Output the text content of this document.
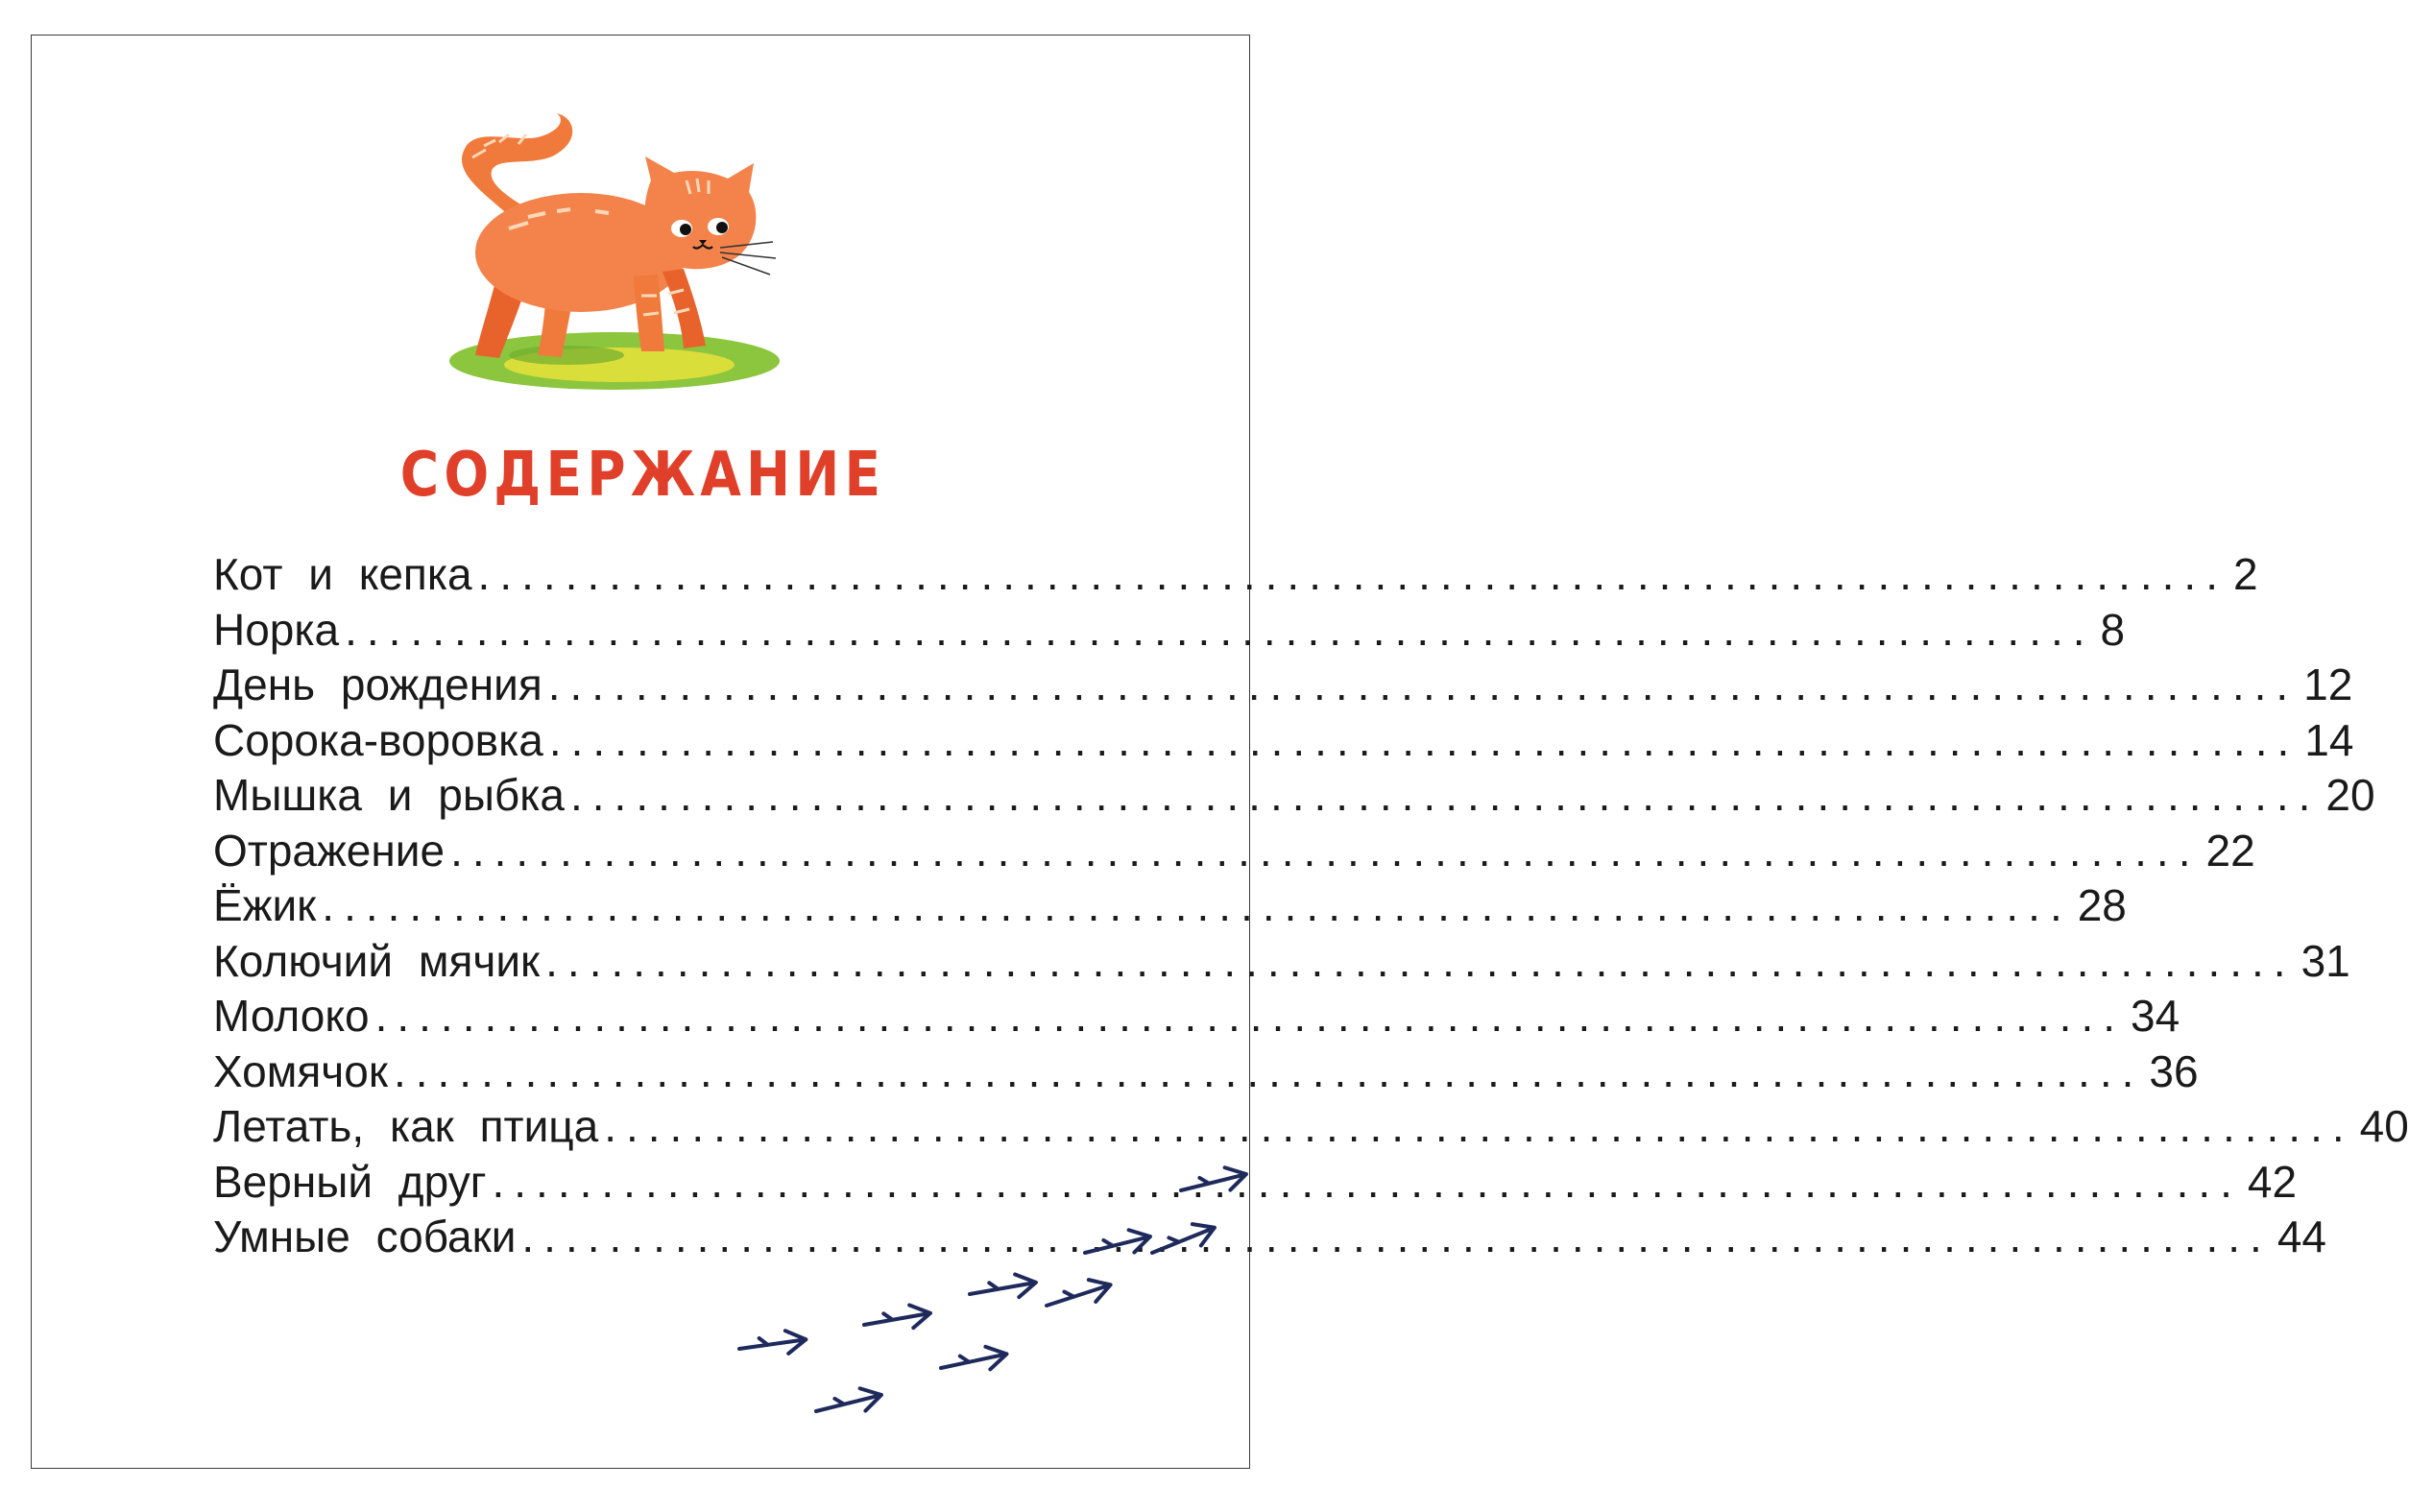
СОДЕРЖАНИЕ
Кот и кепка ................................................................................ 2
Норка ................................................................................ 8
День рождения ................................................................................ 12
Сорока-воровка ................................................................................ 14
Мышка и рыбка ................................................................................ 20
Отражение ................................................................................ 22
Ёжик ................................................................................ 28
Колючий мячик ................................................................................ 31
Молоко ................................................................................ 34
Хомячок ................................................................................ 36
Летать, как птица ................................................................................ 40
Верный друг ................................................................................ 42
Умные собаки ................................................................................ 44
